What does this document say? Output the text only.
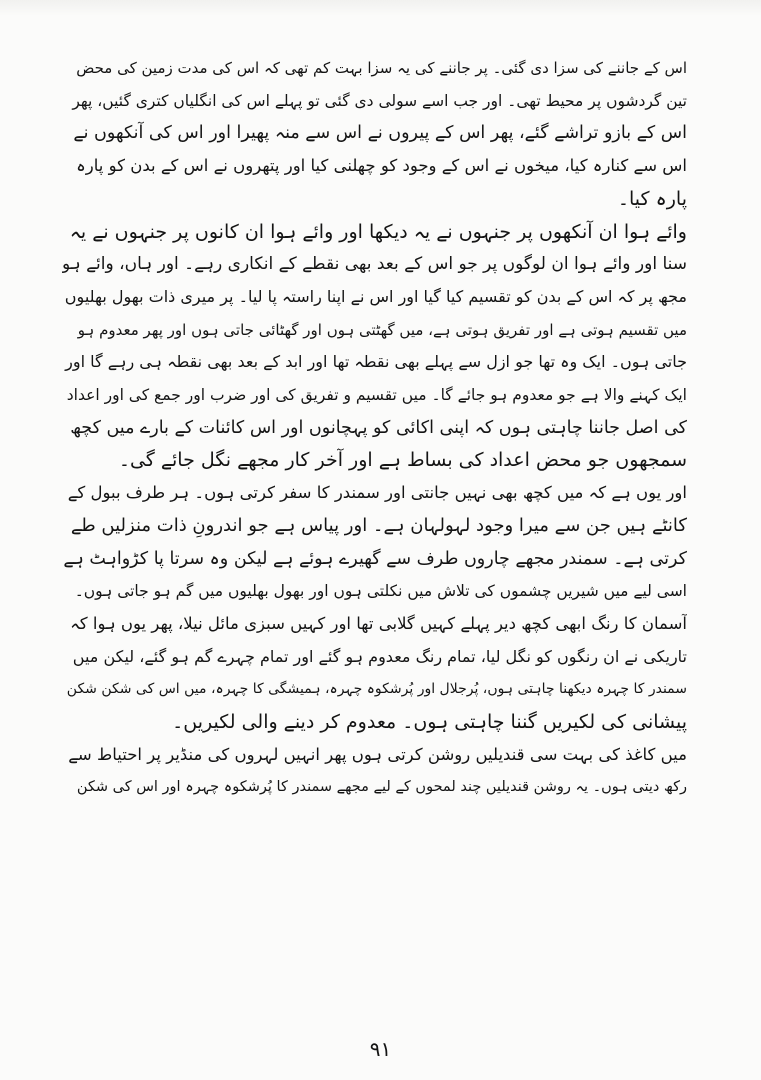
اس کے جاننے کی سزا دی گئی۔ پر جاننے کی یہ سزا بہت کم تھی کہ اس کی مدت زمین کی محض
تین گردشوں پر محیط تھی۔ اور جب اسے سولی دی گئی تو پہلے اس کی انگلیاں کتری گئیں، پھر
اس کے بازو تراشے گئے، پھر اس کے پیروں نے اس سے منہ پھیرا اور اس کی آنکھوں نے
اس سے کنارہ کیا، میخوں نے اس کے وجود کو چھلنی کیا اور پتھروں نے اس کے بدن کو پارہ
پارہ کیا۔
وائے ہوا ان آنکھوں پر جنہوں نے یہ دیکھا اور وائے ہوا ان کانوں پر جنہوں نے یہ
سنا اور وائے ہوا ان لوگوں پر جو اس کے بعد بھی نقطے کے انکاری رہے۔ اور ہاں، وائے ہو
مجھ پر کہ اس کے بدن کو تقسیم کیا گیا اور اس نے اپنا راستہ پا لیا۔ پر میری ذات بھول بھلیوں
میں تقسیم ہوتی ہے اور تفریق ہوتی ہے، میں گھٹتی ہوں اور گھٹائی جاتی ہوں اور پھر معدوم ہو
جاتی ہوں۔ ایک وہ تھا جو ازل سے پہلے بھی نقطہ تھا اور ابد کے بعد بھی نقطہ ہی رہے گا اور
ایک کہنے والا ہے جو معدوم ہو جائے گا۔ میں تقسیم و تفریق کی اور ضرب اور جمع کی اور اعداد
کی اصل جاننا چاہتی ہوں کہ اپنی اکائی کو پہچانوں اور اس کائنات کے بارے میں کچھ
سمجھوں جو محض اعداد کی بساط ہے اور آخر کار مجھے نگل جائے گی۔
اور یوں ہے کہ میں کچھ بھی نہیں جانتی اور سمندر کا سفر کرتی ہوں۔ ہر طرف ببول کے
کانٹے ہیں جن سے میرا وجود لہولہان ہے۔ اور پیاس ہے جو اندرونِ ذات منزلیں طے
کرتی ہے۔ سمندر مجھے چاروں طرف سے گھیرے ہوئے ہے لیکن وہ سرتا پا کڑواہٹ ہے
اسی لیے میں شیریں چشموں کی تلاش میں نکلتی ہوں اور بھول بھلیوں میں گم ہو جاتی ہوں۔
آسمان کا رنگ ابھی کچھ دیر پہلے کہیں گلابی تھا اور کہیں سبزی مائل نیلا، پھر یوں ہوا کہ
تاریکی نے ان رنگوں کو نگل لیا، تمام رنگ معدوم ہو گئے اور تمام چہرے گم ہو گئے، لیکن میں
سمندر کا چہرہ دیکھنا چاہتی ہوں، پُرجلال اور پُرشکوہ چہرہ، ہمیشگی کا چہرہ، میں اس کی شکن شکن
پیشانی کی لکیریں گننا چاہتی ہوں۔ معدوم کر دینے والی لکیریں۔
میں کاغذ کی بہت سی قندیلیں روشن کرتی ہوں پھر انہیں لہروں کی منڈیر پر احتیاط سے
رکھ دیتی ہوں۔ یہ روشن قندیلیں چند لمحوں کے لیے مجھے سمندر کا پُرشکوہ چہرہ اور اس کی شکن
۹۱
